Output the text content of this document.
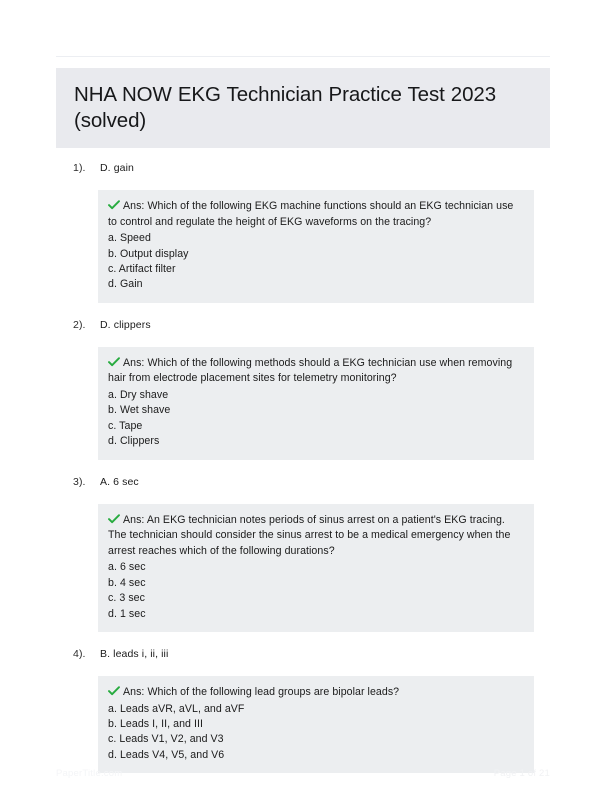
NHA NOW EKG Technician Practice Test 2023 (solved)
1). D. gain

Ans: Which of the following EKG machine functions should an EKG technician use to control and regulate the height of EKG waveforms on the tracing?

a. Speed

b. Output display

c. Artifact filter

d. Gain

2). D. clippers

Ans: Which of the following methods should a EKG technician use when removing hair from electrode placement sites for telemetry monitoring?

a. Dry shave

b. Wet shave

c. Tape

d. Clippers

3). A. 6 sec

Ans: An EKG technician notes periods of sinus arrest on a patient's EKG tracing. The technician should consider the sinus arrest to be a medical emergency when the arrest reaches which of the following durations?

a. 6 sec

b. 4 sec

c. 3 sec

d. 1 sec

4). B. leads i, ii, iii

Ans: Which of the following lead groups are bipolar leads?

a. Leads aVR, aVL, and aVF

b. Leads I, II, and III

c. Leads V1, V2, and V3

d. Leads V4, V5, and V6

PaperTitle.com	Page 1 of 21
